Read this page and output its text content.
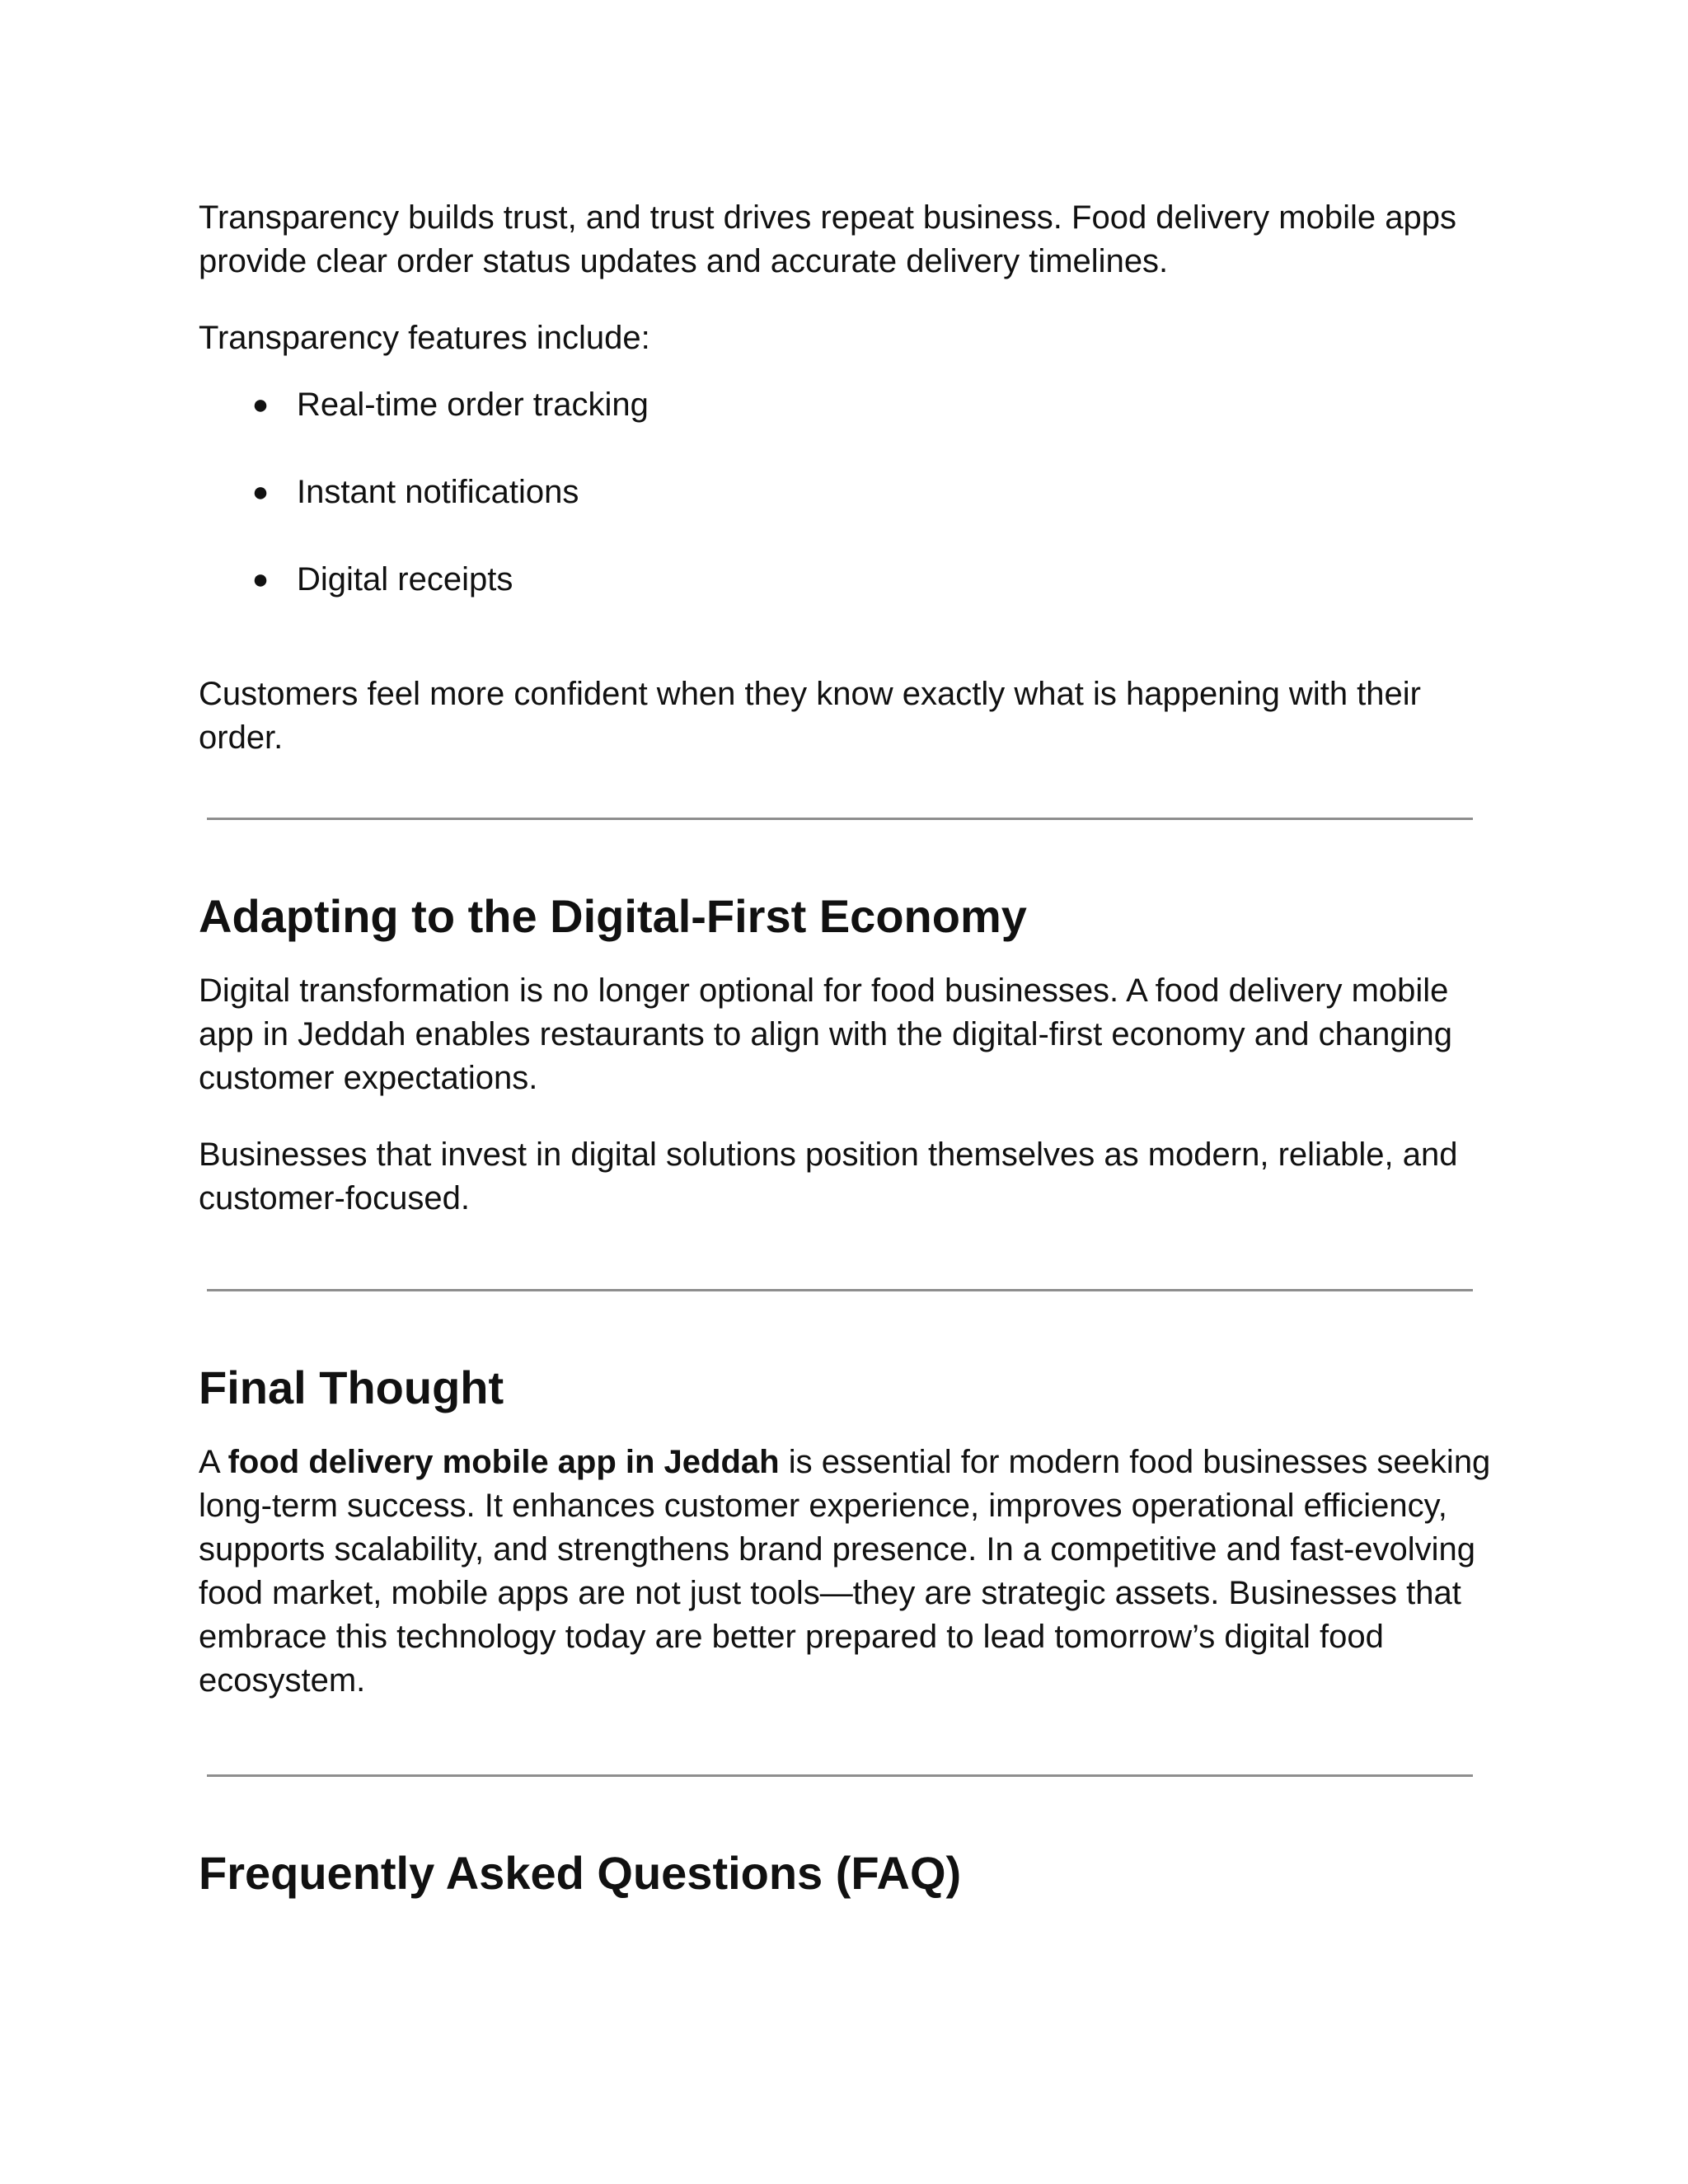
Transparency builds trust, and trust drives repeat business. Food delivery mobile apps provide clear order status updates and accurate delivery timelines.

Transparency features include:

● Real-time order tracking
● Instant notifications
● Digital receipts

Customers feel more confident when they know exactly what is happening with their order.

Adapting to the Digital-First Economy

Digital transformation is no longer optional for food businesses. A food delivery mobile app in Jeddah enables restaurants to align with the digital-first economy and changing customer expectations.

Businesses that invest in digital solutions position themselves as modern, reliable, and customer-focused.

Final Thought

A food delivery mobile app in Jeddah is essential for modern food businesses seeking long-term success. It enhances customer experience, improves operational efficiency, supports scalability, and strengthens brand presence. In a competitive and fast-evolving food market, mobile apps are not just tools—they are strategic assets. Businesses that embrace this technology today are better prepared to lead tomorrow’s digital food ecosystem.

Frequently Asked Questions (FAQ)
